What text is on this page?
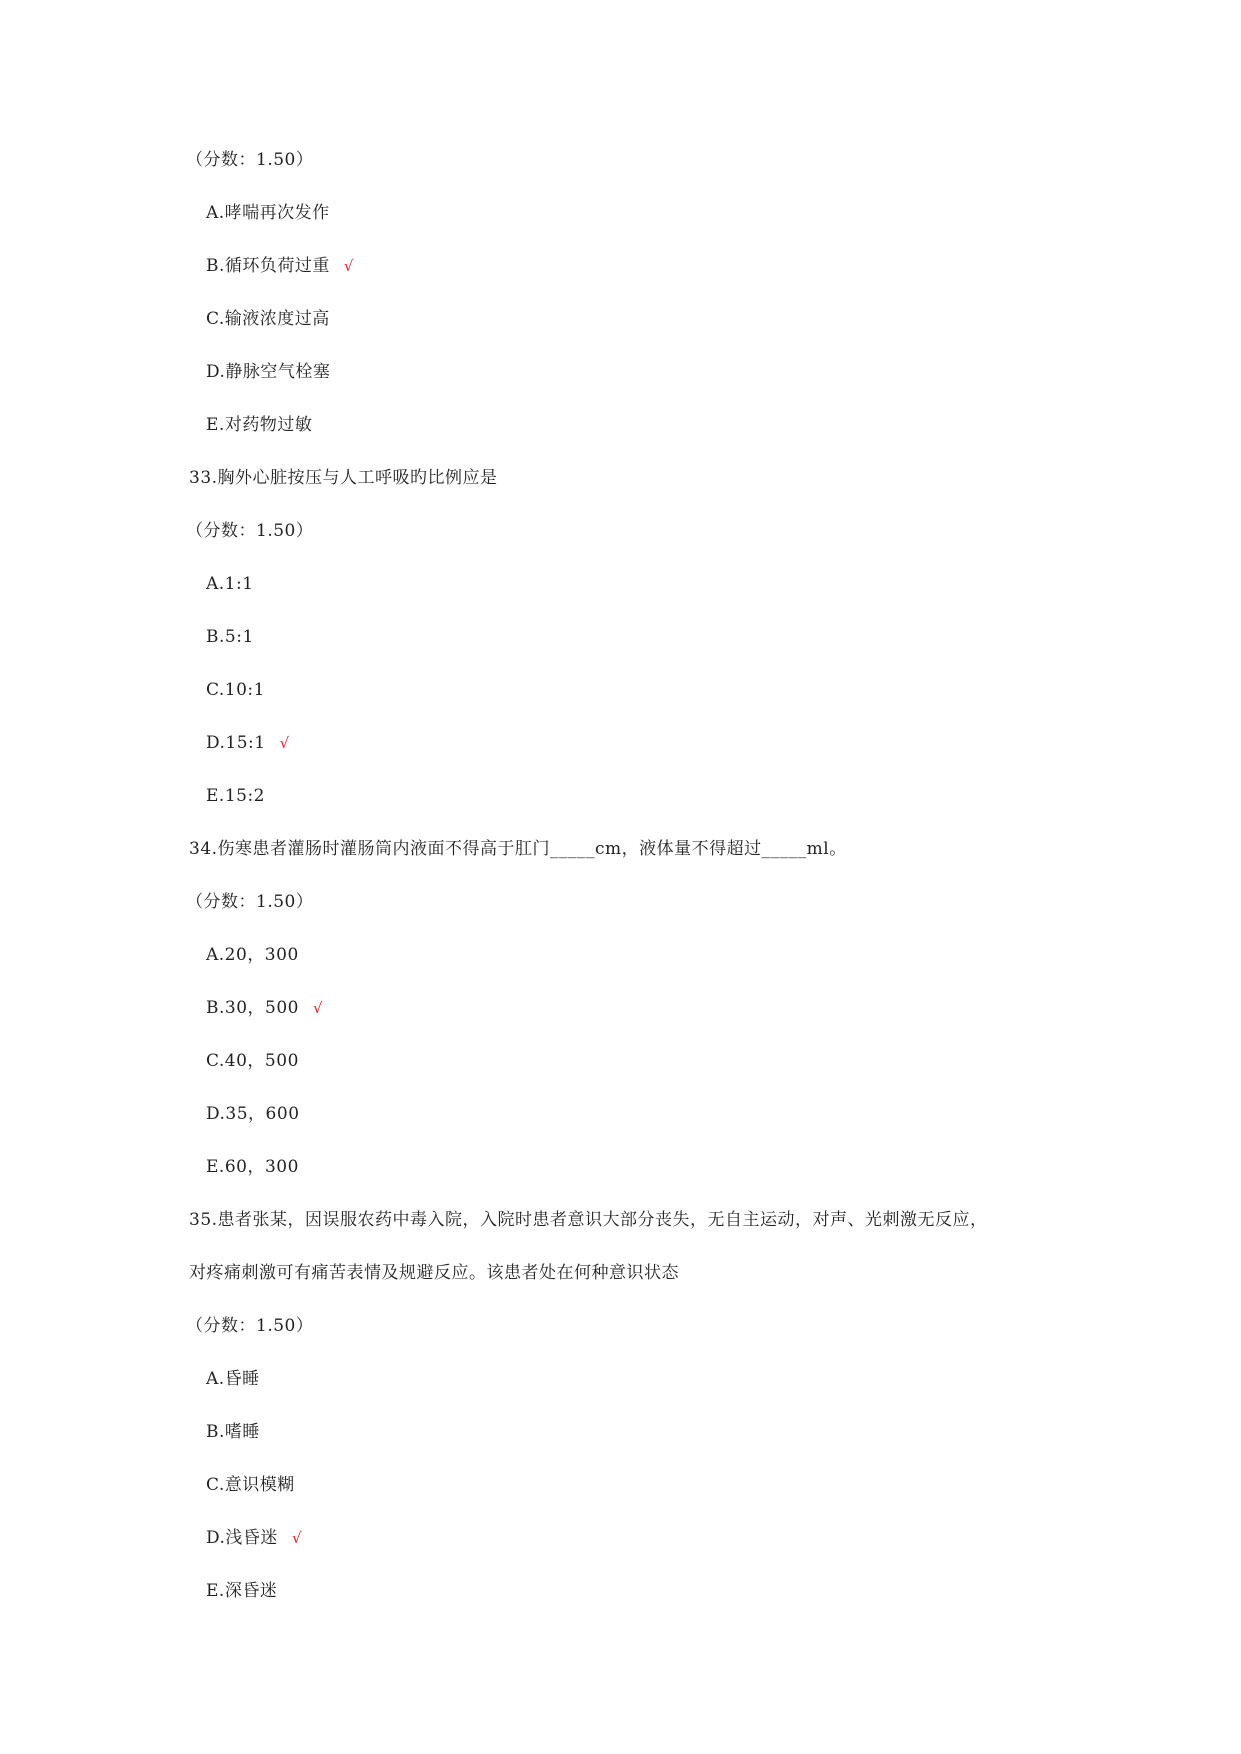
（分数：1.50）
A.哮喘再次发作
B.循环负荷过重 √
C.输液浓度过高
D.静脉空气栓塞
E.对药物过敏
33.胸外心脏按压与人工呼吸旳比例应是
（分数：1.50）
A.1:1
B.5:1
C.10:1
D.15:1 √
E.15:2
34.伤寒患者灌肠时灌肠筒内液面不得高于肛门_____cm，液体量不得超过_____ml。
（分数：1.50）
A.20，300
B.30，500 √
C.40，500
D.35，600
E.60，300
35.患者张某，因误服农药中毒入院，入院时患者意识大部分丧失，无自主运动，对声、光刺激无反应，
对疼痛刺激可有痛苦表情及规避反应。该患者处在何种意识状态
（分数：1.50）
A.昏睡
B.嗜睡
C.意识模糊
D.浅昏迷 √
E.深昏迷
